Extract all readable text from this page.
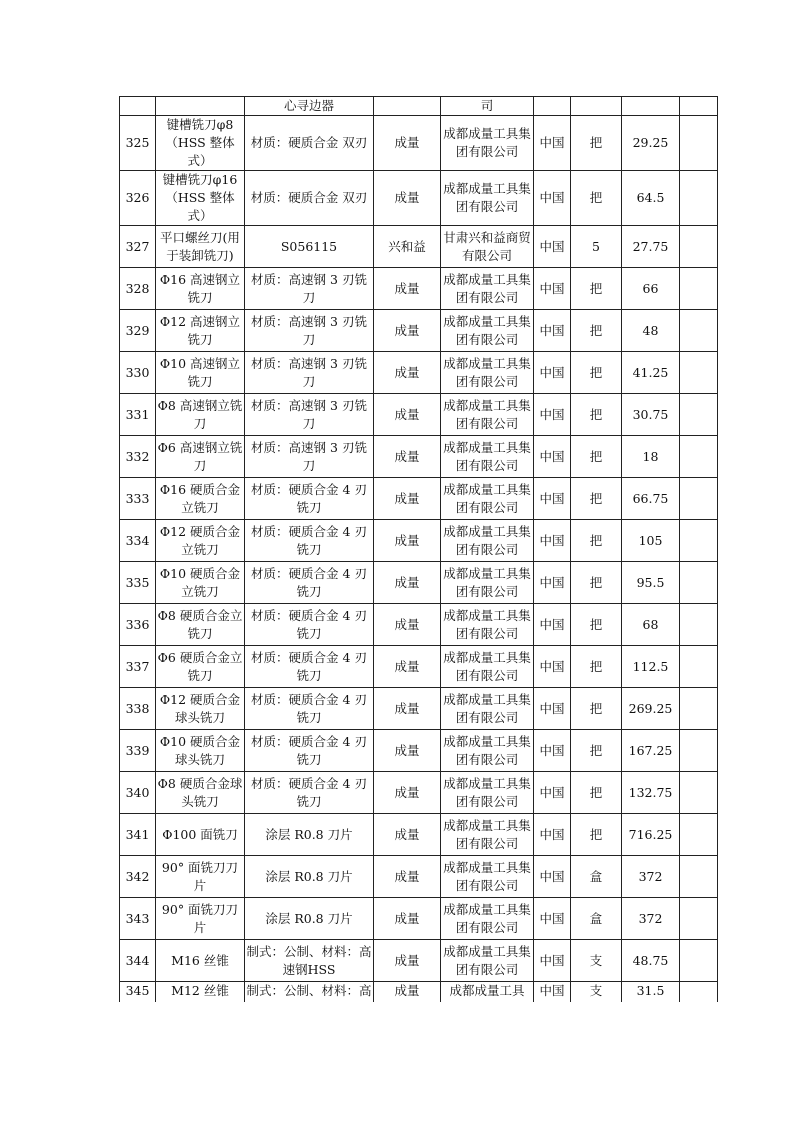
		心寻边器		司				
325	键槽铣刀φ8（HSS 整体式）	材质：硬质合金 双刃	成量	成都成量工具集团有限公司	中国	把	29.25	
326	键槽铣刀φ16（HSS 整体式）	材质：硬质合金 双刃	成量	成都成量工具集团有限公司	中国	把	64.5	
327	平口螺丝刀(用于装卸铣刀)	S056115	兴和益	甘肃兴和益商贸有限公司	中国	5	27.75	
328	Φ16 高速钢立铣刀	材质：高速钢 3 刃铣刀	成量	成都成量工具集团有限公司	中国	把	66	
329	Φ12 高速钢立铣刀	材质：高速钢 3 刃铣刀	成量	成都成量工具集团有限公司	中国	把	48	
330	Φ10 高速钢立铣刀	材质：高速钢 3 刃铣刀	成量	成都成量工具集团有限公司	中国	把	41.25	
331	Φ8 高速钢立铣刀	材质：高速钢 3 刃铣刀	成量	成都成量工具集团有限公司	中国	把	30.75	
332	Φ6 高速钢立铣刀	材质：高速钢 3 刃铣刀	成量	成都成量工具集团有限公司	中国	把	18	
333	Φ16 硬质合金立铣刀	材质：硬质合金 4 刃铣刀	成量	成都成量工具集团有限公司	中国	把	66.75	
334	Φ12 硬质合金立铣刀	材质：硬质合金 4 刃铣刀	成量	成都成量工具集团有限公司	中国	把	105	
335	Φ10 硬质合金立铣刀	材质：硬质合金 4 刃铣刀	成量	成都成量工具集团有限公司	中国	把	95.5	
336	Φ8 硬质合金立铣刀	材质：硬质合金 4 刃铣刀	成量	成都成量工具集团有限公司	中国	把	68	
337	Φ6 硬质合金立铣刀	材质：硬质合金 4 刃铣刀	成量	成都成量工具集团有限公司	中国	把	112.5	
338	Φ12 硬质合金球头铣刀	材质：硬质合金 4 刃铣刀	成量	成都成量工具集团有限公司	中国	把	269.25	
339	Φ10 硬质合金球头铣刀	材质：硬质合金 4 刃铣刀	成量	成都成量工具集团有限公司	中国	把	167.25	
340	Φ8 硬质合金球头铣刀	材质：硬质合金 4 刃铣刀	成量	成都成量工具集团有限公司	中国	把	132.75	
341	Φ100 面铣刀	涂层 R0.8 刀片	成量	成都成量工具集团有限公司	中国	把	716.25	
342	90° 面铣刀刀片	涂层 R0.8 刀片	成量	成都成量工具集团有限公司	中国	盒	372	
343	90° 面铣刀刀片	涂层 R0.8 刀片	成量	成都成量工具集团有限公司	中国	盒	372	
344	M16 丝锥	制式：公制、材料：高速钢HSS	成量	成都成量工具集团有限公司	中国	支	48.75	
345	M12 丝锥	制式：公制、材料：高	成量	成都成量工具	中国	支	31.5	
